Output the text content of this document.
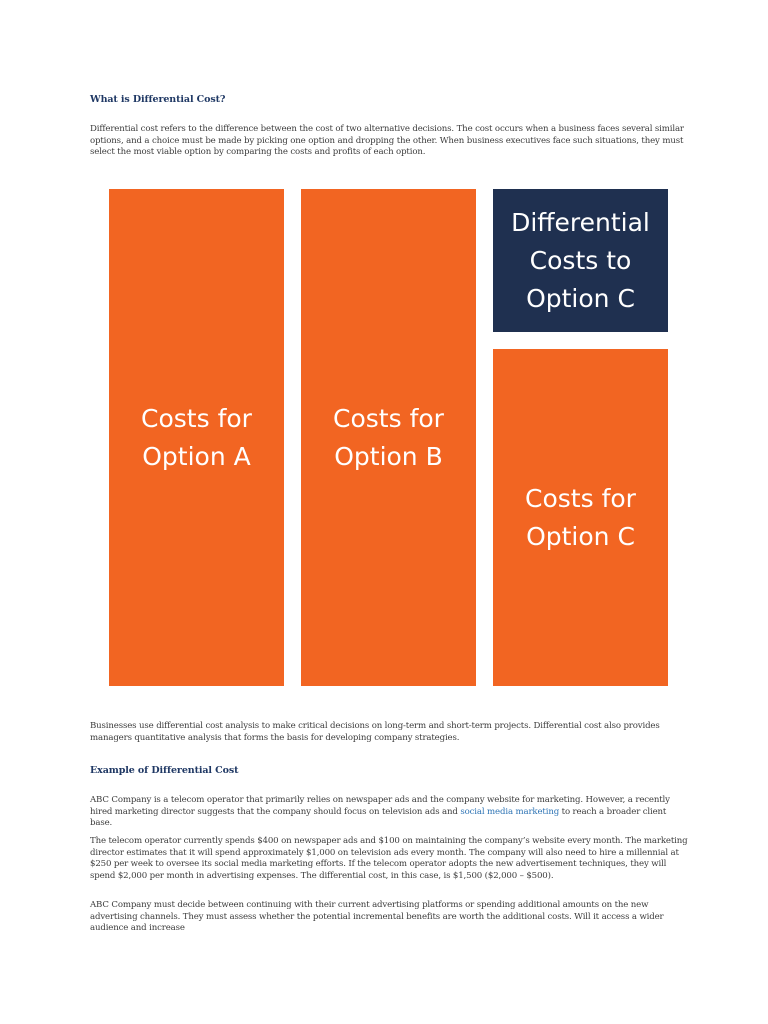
What is Differential Cost?

Differential cost refers to the difference between the cost of two alternative decisions. The cost occurs when a business faces several similar options, and a choice must be made by picking one option and dropping the other. When business executives face such situations, they must select the most viable option by comparing the costs and profits of each option.

Costs for
Option A
Costs for
Option B
Differential
Costs to
Option C
Costs for
Option C

Businesses use differential cost analysis to make critical decisions on long-term and short-term projects. Differential cost also provides managers quantitative analysis that forms the basis for developing company strategies.

Example of Differential Cost

ABC Company is a telecom operator that primarily relies on newspaper ads and the company website for marketing. However, a recently hired marketing director suggests that the company should focus on television ads and social media marketing to reach a broader client base.

The telecom operator currently spends $400 on newspaper ads and $100 on maintaining the company’s website every month. The marketing director estimates that it will spend approximately $1,000 on television ads every month. The company will also need to hire a millennial at $250 per week to oversee its social media marketing efforts. If the telecom operator adopts the new advertisement techniques, they will spend $2,000 per month in advertising expenses. The differential cost, in this case, is $1,500 ($2,000 – $500).

ABC Company must decide between continuing with their current advertising platforms or spending additional amounts on the new advertising channels. They must assess whether the potential incremental benefits are worth the additional costs. Will it access a wider audience and increase
